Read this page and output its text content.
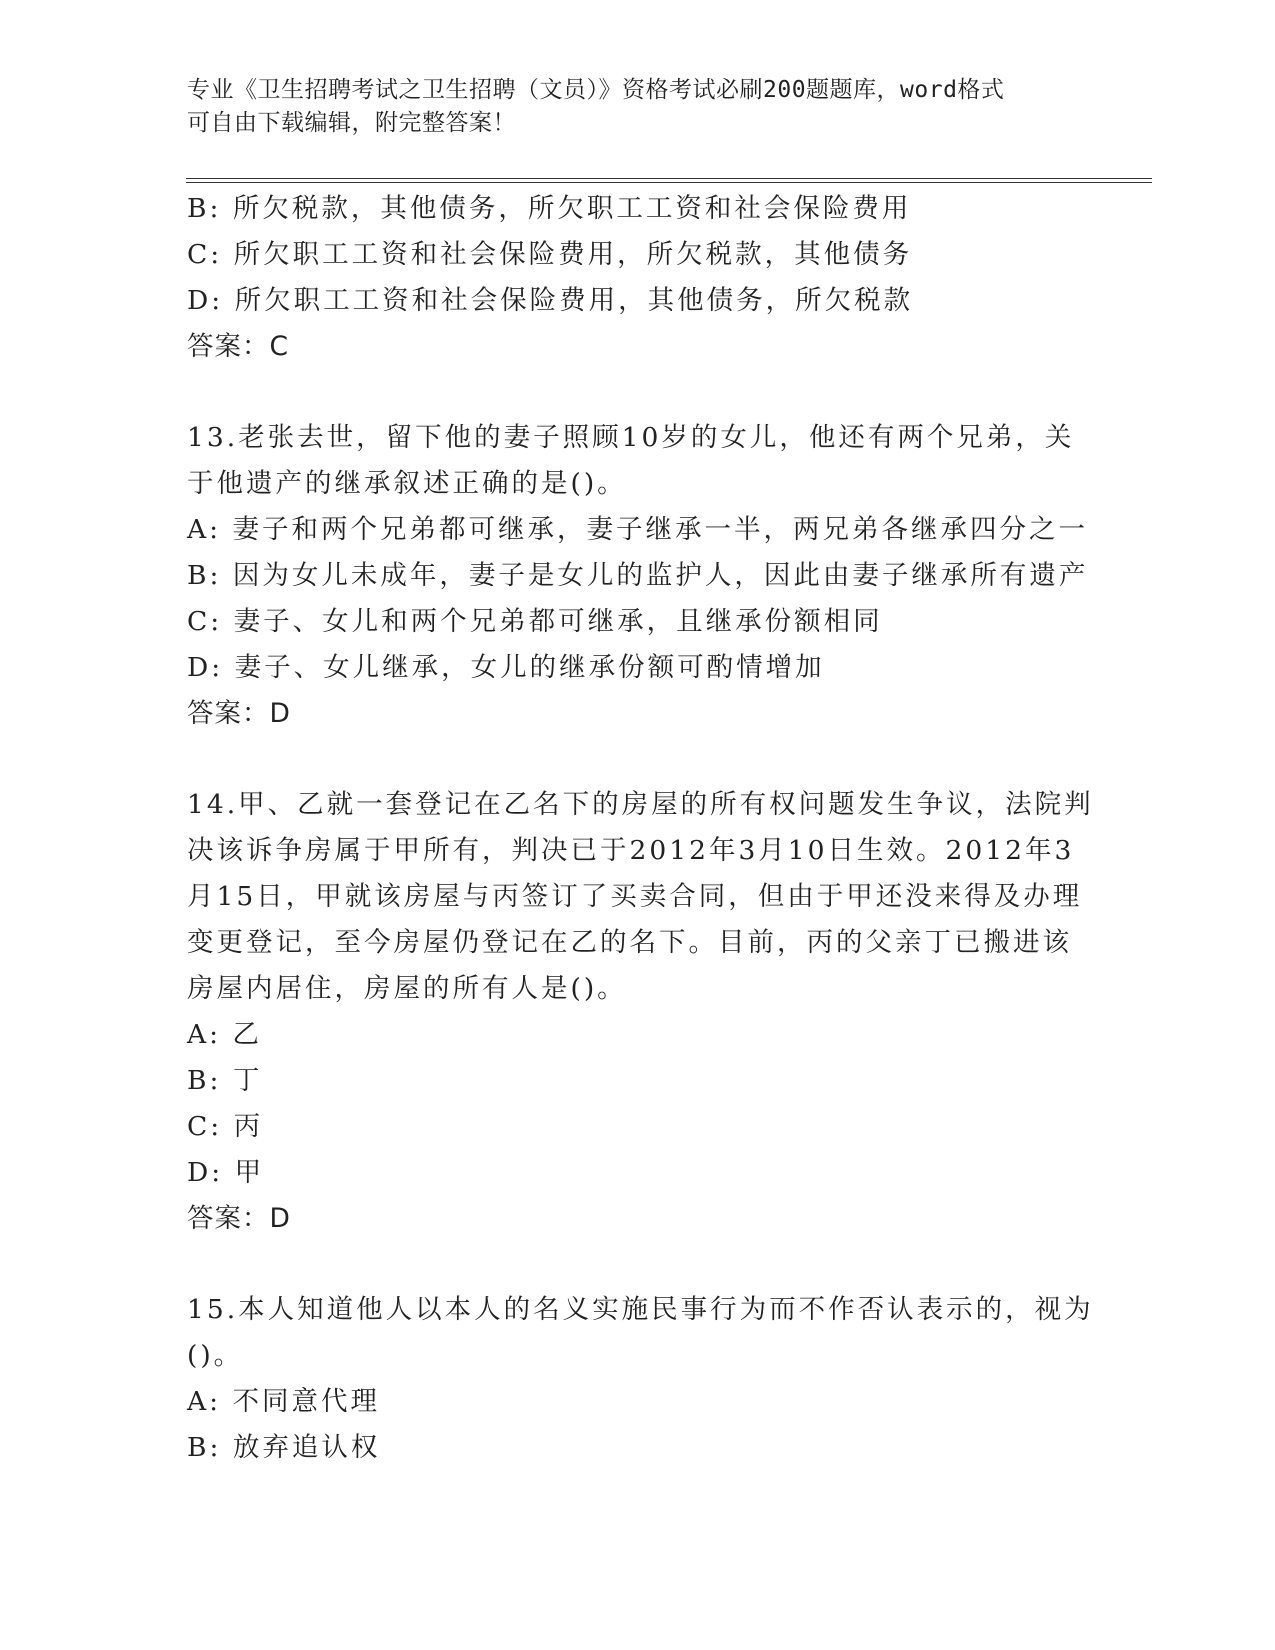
专业《卫生招聘考试之卫生招聘（文员）》资格考试必刷200题题库，word格式
可自由下载编辑，附完整答案！
B: 所欠税款，其他债务，所欠职工工资和社会保险费用
C: 所欠职工工资和社会保险费用，所欠税款，其他债务
D: 所欠职工工资和社会保险费用，其他债务，所欠税款
答案：C
13.老张去世，留下他的妻子照顾10岁的女儿，他还有两个兄弟，关
于他遗产的继承叙述正确的是()。
A: 妻子和两个兄弟都可继承，妻子继承一半，两兄弟各继承四分之一
B: 因为女儿未成年，妻子是女儿的监护人，因此由妻子继承所有遗产
C: 妻子、女儿和两个兄弟都可继承，且继承份额相同
D: 妻子、女儿继承，女儿的继承份额可酌情增加
答案：D
14.甲、乙就一套登记在乙名下的房屋的所有权问题发生争议，法院判
决该诉争房属于甲所有，判决已于2012年3月10日生效。2012年3
月15日，甲就该房屋与丙签订了买卖合同，但由于甲还没来得及办理
变更登记，至今房屋仍登记在乙的名下。目前，丙的父亲丁已搬进该
房屋内居住，房屋的所有人是()。
A: 乙
B: 丁
C: 丙
D: 甲
答案：D
15.本人知道他人以本人的名义实施民事行为而不作否认表示的，视为
()。
A: 不同意代理
B: 放弃追认权
